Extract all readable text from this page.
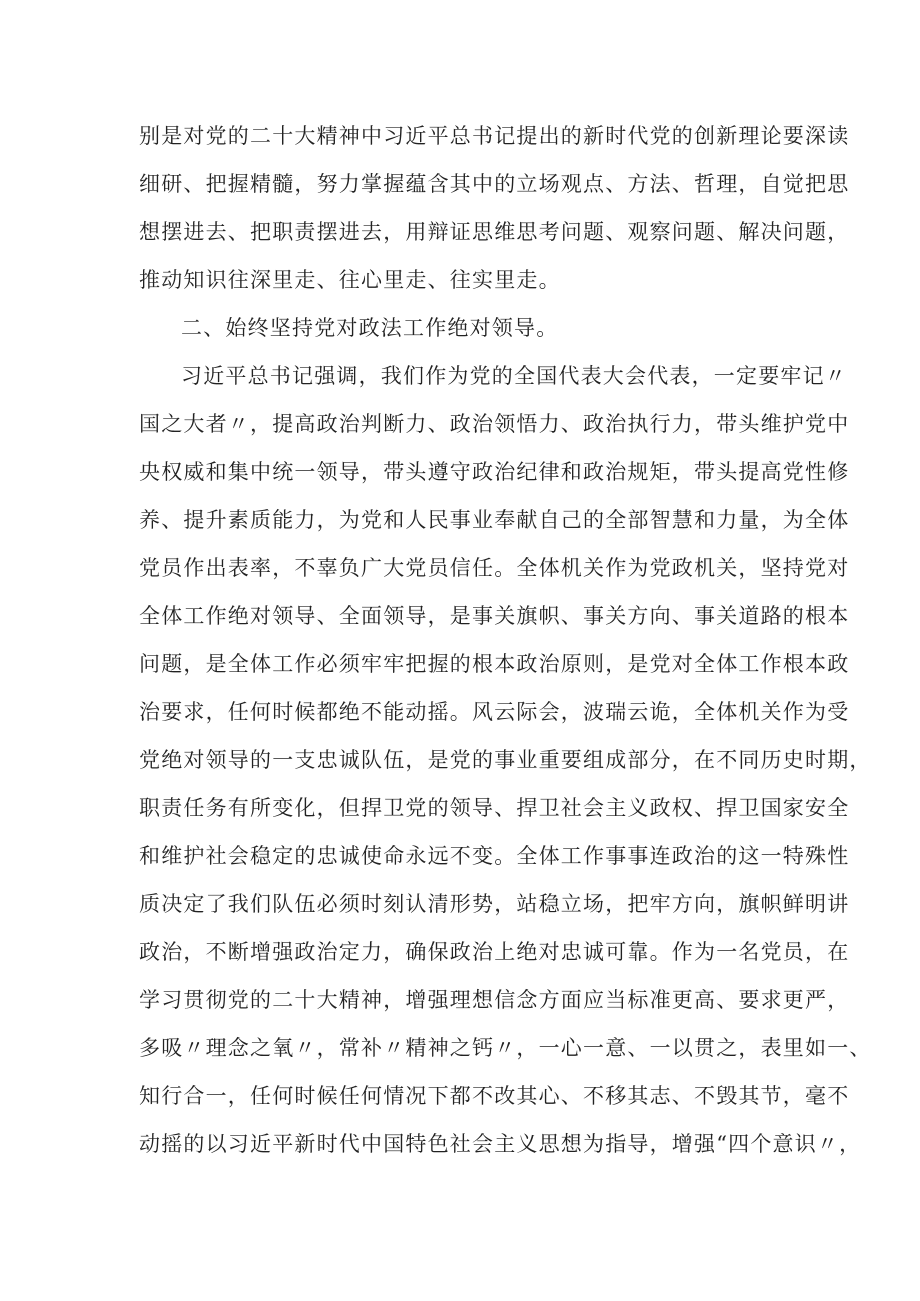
别是对党的二十大精神中习近平总书记提出的新时代党的创新理论要深读
细研、把握精髓，努力掌握蕴含其中的立场观点、方法、哲理，自觉把思
想摆进去、把职责摆进去，用辩证思维思考问题、观察问题、解决问题，
推动知识往深里走、往心里走、往实里走。
二、始终坚持党对政法工作绝对领导。
习近平总书记强调，我们作为党的全国代表大会代表，一定要牢记〃
国之大者〃，提高政治判断力、政治领悟力、政治执行力，带头维护党中
央权威和集中统一领导，带头遵守政治纪律和政治规矩，带头提高党性修
养、提升素质能力，为党和人民事业奉献自己的全部智慧和力量，为全体
党员作出表率，不辜负广大党员信任。全体机关作为党政机关，坚持党对
全体工作绝对领导、全面领导，是事关旗帜、事关方向、事关道路的根本
问题，是全体工作必须牢牢把握的根本政治原则，是党对全体工作根本政
治要求，任何时候都绝不能动摇。风云际会，波瑞云诡，全体机关作为受
党绝对领导的一支忠诚队伍，是党的事业重要组成部分，在不同历史时期，
职责任务有所变化，但捍卫党的领导、捍卫社会主义政权、捍卫国家安全
和维护社会稳定的忠诚使命永远不变。全体工作事事连政治的这一特殊性
质决定了我们队伍必须时刻认清形势，站稳立场，把牢方向，旗帜鲜明讲
政治，不断增强政治定力，确保政治上绝对忠诚可靠。作为一名党员，在
学习贯彻党的二十大精神，增强理想信念方面应当标准更高、要求更严，
多吸〃理念之氧〃，常补〃精神之钙〃，一心一意、一以贯之，表里如一、
知行合一，任何时候任何情况下都不改其心、不移其志、不毁其节，毫不
动摇的以习近平新时代中国特色社会主义思想为指导，增强“四个意识〃，
